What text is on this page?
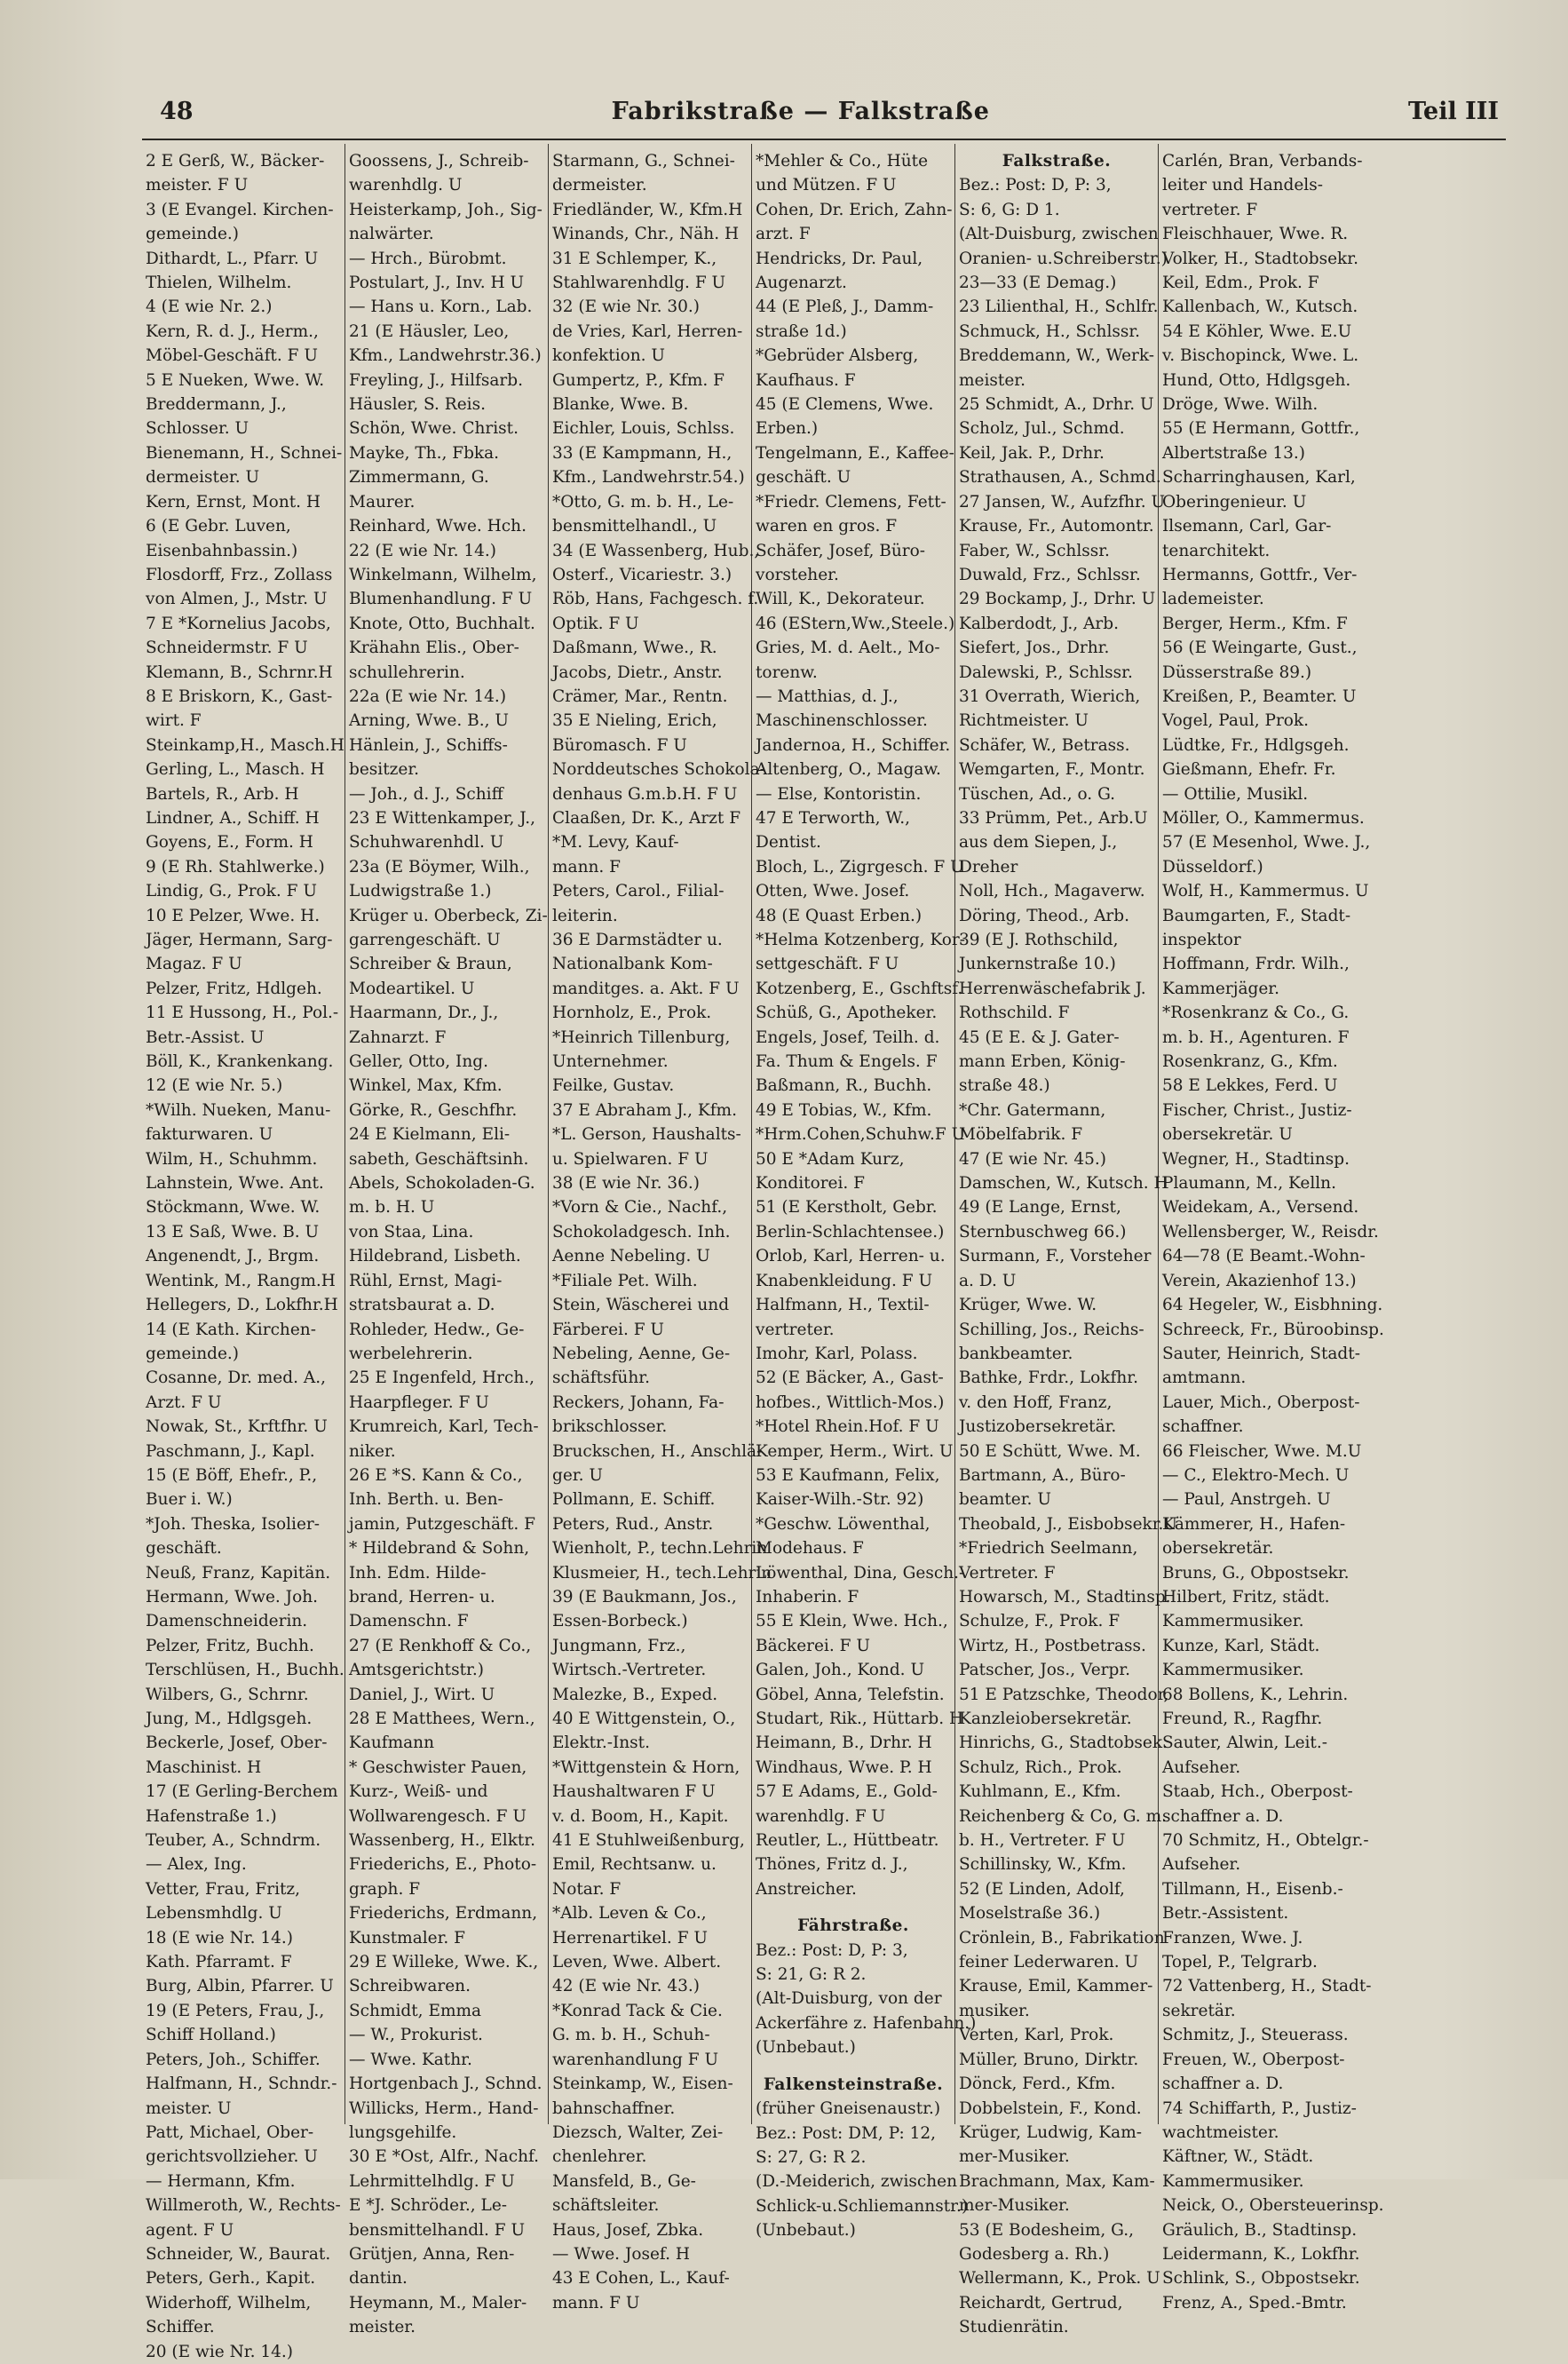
48	Fabrikstraße — Falkstraße	Teil III
2 E Gerß, W., Bäcker-
meister. F U
3 (E Evangel. Kirchen-
gemeinde.)
Dithardt, L., Pfarr. U
Thielen, Wilhelm.
4 (E wie Nr. 2.)
Kern, R. d. J., Herm.,
Möbel-Geschäft. F U
5 E Nueken, Wwe. W.
Breddermann, J.,
Schlosser. U
Bienemann, H., Schnei-
dermeister. U
Kern, Ernst, Mont. H
6 (E Gebr. Luven,
Eisenbahnbassin.)
Flosdorff, Frz., Zollass
von Almen, J., Mstr. U
7 E *Kornelius Jacobs,
Schneidermstr. F U
Klemann, B., Schrnr.H
8 E Briskorn, K., Gast-
wirt. F
Steinkamp,H., Masch.H
Gerling, L., Masch. H
Bartels, R., Arb. H
Lindner, A., Schiff. H
Goyens, E., Form. H
9 (E Rh. Stahlwerke.)
Lindig, G., Prok. F U
10 E Pelzer, Wwe. H.
Jäger, Hermann, Sarg-
Magaz. F U
Pelzer, Fritz, Hdlgeh.
11 E Hussong, H., Pol.-
Betr.-Assist. U
Böll, K., Krankenkang.
12 (E wie Nr. 5.)
*Wilh. Nueken, Manu-
fakturwaren. U
Wilm, H., Schuhmm.
Lahnstein, Wwe. Ant.
Stöckmann, Wwe. W.
13 E Saß, Wwe. B. U
Angenendt, J., Brgm.
Wentink, M., Rangm.H
Hellegers, D., Lokfhr.H
14 (E Kath. Kirchen-
gemeinde.)
Cosanne, Dr. med. A.,
Arzt. F U
Nowak, St., Krftfhr. U
Paschmann, J., Kapl.
15 (E Böff, Ehefr., P.,
Buer i. W.)
*Joh. Theska, Isolier-
geschäft.
Neuß, Franz, Kapitän.
Hermann, Wwe. Joh.
Damenschneiderin.
Pelzer, Fritz, Buchh.
Terschlüsen, H., Buchh.
Wilbers, G., Schrnr.
Jung, M., Hdlgsgeh.
Beckerle, Josef, Ober-
Maschinist. H
17 (E Gerling-Berchem
Hafenstraße 1.)
Teuber, A., Schndrm.
— Alex, Ing.
Vetter, Frau, Fritz,
Lebensmhdlg. U
18 (E wie Nr. 14.)
Kath. Pfarramt. F
Burg, Albin, Pfarrer. U
19 (E Peters, Frau, J.,
Schiff Holland.)
Peters, Joh., Schiffer.
Halfmann, H., Schndr.-
meister. U
Patt, Michael, Ober-
gerichtsvollzieher. U
— Hermann, Kfm.
Willmeroth, W., Rechts-
agent. F U
Schneider, W., Baurat.
Peters, Gerh., Kapit.
Widerhoff, Wilhelm,
Schiffer.
20 (E wie Nr. 14.)
Goossens, J., Schreib-
warenhdlg. U
Heisterkamp, Joh., Sig-
nalwärter.
— Hrch., Bürobmt.
Postulart, J., Inv. H U
— Hans u. Korn., Lab.
21 (E Häusler, Leo,
Kfm., Landwehrstr.36.)
Freyling, J., Hilfsarb.
Häusler, S. Reis.
Schön, Wwe. Christ.
Mayke, Th., Fbka.
Zimmermann, G.
Maurer.
Reinhard, Wwe. Hch.
22 (E wie Nr. 14.)
Winkelmann, Wilhelm,
Blumenhandlung. F U
Knote, Otto, Buchhalt.
Krähahn Elis., Ober-
schullehrerin.
22a (E wie Nr. 14.)
Arning, Wwe. B., U
Hänlein, J., Schiffs-
besitzer.
— Joh., d. J., Schiff
23 E Wittenkamper, J.,
Schuhwarenhdl. U
23a (E Böymer, Wilh.,
Ludwigstraße 1.)
Krüger u. Oberbeck, Zi-
garrengeschäft. U
Schreiber & Braun,
Modeartikel. U
Haarmann, Dr., J.,
Zahnarzt. F
Geller, Otto, Ing.
Winkel, Max, Kfm.
Görke, R., Geschfhr.
24 E Kielmann, Eli-
sabeth, Geschäftsinh.
Abels, Schokoladen-G.
m. b. H. U
von Staa, Lina.
Hildebrand, Lisbeth.
Rühl, Ernst, Magi-
stratsbaurat a. D.
Rohleder, Hedw., Ge-
werbelehrerin.
25 E Ingenfeld, Hrch.,
Haarpfleger. F U
Krumreich, Karl, Tech-
niker.
26 E *S. Kann & Co.,
Inh. Berth. u. Ben-
jamin, Putzgeschäft. F
* Hildebrand & Sohn,
Inh. Edm. Hilde-
brand, Herren- u.
Damenschn. F
27 (E Renkhoff & Co.,
Amtsgerichtstr.)
Daniel, J., Wirt. U
28 E Matthees, Wern.,
Kaufmann
* Geschwister Pauen,
Kurz-, Weiß- und
Wollwarengesch. F U
Wassenberg, H., Elktr.
Friederichs, E., Photo-
graph. F
Friederichs, Erdmann,
Kunstmaler. F
29 E Willeke, Wwe. K.,
Schreibwaren.
Schmidt, Emma
— W., Prokurist.
— Wwe. Kathr.
Hortgenbach J., Schnd.
Willicks, Herm., Hand-
lungsgehilfe.
30 E *Ost, Alfr., Nachf.
Lehrmittelhdlg. F U
E *J. Schröder., Le-
bensmittelhandl. F U
Grütjen, Anna, Ren-
dantin.
Heymann, M., Maler-
meister.
Starmann, G., Schnei-
dermeister.
Friedländer, W., Kfm.H
Winands, Chr., Näh. H
31 E Schlemper, K.,
Stahlwarenhdlg. F U
32 (E wie Nr. 30.)
de Vries, Karl, Herren-
konfektion. U
Gumpertz, P., Kfm. F
Blanke, Wwe. B.
Eichler, Louis, Schlss.
33 (E Kampmann, H.,
Kfm., Landwehrstr.54.)
*Otto, G. m. b. H., Le-
bensmittelhandl., U
34 (E Wassenberg, Hub.,
Osterf., Vicariestr. 3.)
Röb, Hans, Fachgesch. f.
Optik. F U
Daßmann, Wwe., R.
Jacobs, Dietr., Anstr.
Crämer, Mar., Rentn.
35 E Nieling, Erich,
Büromasch. F U
Norddeutsches Schokola-
denhaus G.m.b.H. F U
Claaßen, Dr. K., Arzt F
*M. Levy, Kauf-
mann. F
Peters, Carol., Filial-
leiterin.
36 E Darmstädter u.
Nationalbank Kom-
manditges. a. Akt. F U
Hornholz, E., Prok.
*Heinrich Tillenburg,
Unternehmer.
Feilke, Gustav.
37 E Abraham J., Kfm.
*L. Gerson, Haushalts-
u. Spielwaren. F U
38 (E wie Nr. 36.)
*Vorn & Cie., Nachf.,
Schokoladgesch. Inh.
Aenne Nebeling. U
*Filiale Pet. Wilh.
Stein, Wäscherei und
Färberei. F U
Nebeling, Aenne, Ge-
schäftsführ.
Reckers, Johann, Fa-
brikschlosser.
Bruckschen, H., Anschlä-
ger. U
Pollmann, E. Schiff.
Peters, Rud., Anstr.
Wienholt, P., techn.Lehrin
Klusmeier, H., tech.Lehrin
39 (E Baukmann, Jos.,
Essen-Borbeck.)
Jungmann, Frz.,
Wirtsch.-Vertreter.
Malezke, B., Exped.
40 E Wittgenstein, O.,
Elektr.-Inst.
*Wittgenstein & Horn,
Haushaltwaren F U
v. d. Boom, H., Kapit.
41 E Stuhlweißenburg,
Emil, Rechtsanw. u.
Notar. F
*Alb. Leven & Co.,
Herrenartikel. F U
Leven, Wwe. Albert.
42 (E wie Nr. 43.)
*Konrad Tack & Cie.
G. m. b. H., Schuh-
warenhandlung F U
Steinkamp, W., Eisen-
bahnschaffner.
Diezsch, Walter, Zei-
chenlehrer.
Mansfeld, B., Ge-
schäftsleiter.
Haus, Josef, Zbka.
— Wwe. Josef. H
43 E Cohen, L., Kauf-
mann. F U
*Mehler & Co., Hüte
und Mützen. F U
Cohen, Dr. Erich, Zahn-
arzt. F
Hendricks, Dr. Paul,
Augenarzt.
44 (E Pleß, J., Damm-
straße 1d.)
*Gebrüder Alsberg,
Kaufhaus. F
45 (E Clemens, Wwe.
Erben.)
Tengelmann, E., Kaffee-
geschäft. U
*Friedr. Clemens, Fett-
waren en gros. F
Schäfer, Josef, Büro-
vorsteher.
Will, K., Dekorateur.
46 (EStern,Ww.,Steele.)
Gries, M. d. Aelt., Mo-
torenw.
— Matthias, d. J.,
Maschinenschlosser.
Jandernoa, H., Schiffer.
Altenberg, O., Magaw.
— Else, Kontoristin.
47 E Terworth, W.,
Dentist.
Bloch, L., Zigrgesch. F U
Otten, Wwe. Josef.
48 (E Quast Erben.)
*Helma Kotzenberg, Kor-
settgeschäft. F U
Kotzenberg, E., Gschftsf.
Schüß, G., Apotheker.
Engels, Josef, Teilh. d.
Fa. Thum & Engels. F
Baßmann, R., Buchh.
49 E Tobias, W., Kfm.
*Hrm.Cohen,Schuhw.F U
50 E *Adam Kurz,
Konditorei. F
51 (E Kerstholt, Gebr.
Berlin-Schlachtensee.)
Orlob, Karl, Herren- u.
Knabenkleidung. F U
Halfmann, H., Textil-
vertreter.
Imohr, Karl, Polass.
52 (E Bäcker, A., Gast-
hofbes., Wittlich-Mos.)
*Hotel Rhein.Hof. F U
Kemper, Herm., Wirt. U
53 E Kaufmann, Felix,
Kaiser-Wilh.-Str. 92)
*Geschw. Löwenthal,
Modehaus. F
Löwenthal, Dina, Gesch.-
Inhaberin. F
55 E Klein, Wwe. Hch.,
Bäckerei. F U
Galen, Joh., Kond. U
Göbel, Anna, Telefstin.
Studart, Rik., Hüttarb. H
Heimann, B., Drhr. H
Windhaus, Wwe. P. H
57 E Adams, E., Gold-
warenhdlg. F U
Reutler, L., Hüttbeatr.
Thönes, Fritz d. J.,
Anstreicher.
Fährstraße.
Bez.: Post: D, P: 3,
S: 21, G: R 2.
(Alt-Duisburg, von der
Ackerfähre z. Hafenbahn.)
(Unbebaut.)
Falkensteinstraße.
(früher Gneisenaustr.)
Bez.: Post: DM, P: 12,
S: 27, G: R 2.
(D.-Meiderich, zwischen
Schlick-u.Schliemannstr.)
(Unbebaut.)
Falkstraße.
Bez.: Post: D, P: 3,
S: 6, G: D 1.
(Alt-Duisburg, zwischen
Oranien- u.Schreiberstr.)
23—33 (E Demag.)
23 Lilienthal, H., Schlfr.
Schmuck, H., Schlssr.
Breddemann, W., Werk-
meister.
25 Schmidt, A., Drhr. U
Scholz, Jul., Schmd.
Keil, Jak. P., Drhr.
Strathausen, A., Schmd.
27 Jansen, W., Aufzfhr. U
Krause, Fr., Automontr.
Faber, W., Schlssr.
Duwald, Frz., Schlssr.
29 Bockamp, J., Drhr. U
Kalberdodt, J., Arb.
Siefert, Jos., Drhr.
Dalewski, P., Schlssr.
31 Overrath, Wierich,
Richtmeister. U
Schäfer, W., Betrass.
Wemgarten, F., Montr.
Tüschen, Ad., o. G.
33 Prümm, Pet., Arb.U
aus dem Siepen, J.,
Dreher
Noll, Hch., Magaverw.
Döring, Theod., Arb.
39 (E J. Rothschild,
Junkernstraße 10.)
Herrenwäschefabrik J.
Rothschild. F
45 (E E. & J. Gater-
mann Erben, König-
straße 48.)
*Chr. Gatermann,
Möbelfabrik. F
47 (E wie Nr. 45.)
Damschen, W., Kutsch. H
49 (E Lange, Ernst,
Sternbuschweg 66.)
Surmann, F., Vorsteher
a. D. U
Krüger, Wwe. W.
Schilling, Jos., Reichs-
bankbeamter.
Bathke, Frdr., Lokfhr.
v. den Hoff, Franz,
Justizobersekretär.
50 E Schütt, Wwe. M.
Bartmann, A., Büro-
beamter. U
Theobald, J., Eisbobsekr.U
*Friedrich Seelmann,
Vertreter. F
Howarsch, M., Stadtinsp.
Schulze, F., Prok. F
Wirtz, H., Postbetrass.
Patscher, Jos., Verpr.
51 E Patzschke, Theodor,
Kanzleiobersekretär.
Hinrichs, G., Stadtobsek.
Schulz, Rich., Prok.
Kuhlmann, E., Kfm.
Reichenberg & Co, G. m.
b. H., Vertreter. F U
Schillinsky, W., Kfm.
52 (E Linden, Adolf,
Moselstraße 36.)
Crönlein, B., Fabrikation
feiner Lederwaren. U
Krause, Emil, Kammer-
musiker.
Verten, Karl, Prok.
Müller, Bruno, Dirktr.
Dönck, Ferd., Kfm.
Dobbelstein, F., Kond.
Krüger, Ludwig, Kam-
mer-Musiker.
Brachmann, Max, Kam-
mer-Musiker.
53 (E Bodesheim, G.,
Godesberg a. Rh.)
Wellermann, K., Prok. U
Reichardt, Gertrud,
Studienrätin.
Carlén, Bran, Verbands-
leiter und Handels-
vertreter. F
Fleischhauer, Wwe. R.
Volker, H., Stadtobsekr.
Keil, Edm., Prok. F
Kallenbach, W., Kutsch.
54 E Köhler, Wwe. E.U
v. Bischopinck, Wwe. L.
Hund, Otto, Hdlgsgeh.
Dröge, Wwe. Wilh.
55 (E Hermann, Gottfr.,
Albertstraße 13.)
Scharringhausen, Karl,
Oberingenieur. U
Ilsemann, Carl, Gar-
tenarchitekt.
Hermanns, Gottfr., Ver-
lademeister.
Berger, Herm., Kfm. F
56 (E Weingarte, Gust.,
Düsserstraße 89.)
Kreißen, P., Beamter. U
Vogel, Paul, Prok.
Lüdtke, Fr., Hdlgsgeh.
Gießmann, Ehefr. Fr.
— Ottilie, Musikl.
Möller, O., Kammermus.
57 (E Mesenhol, Wwe. J.,
Düsseldorf.)
Wolf, H., Kammermus. U
Baumgarten, F., Stadt-
inspektor
Hoffmann, Frdr. Wilh.,
Kammerjäger.
*Rosenkranz & Co., G.
m. b. H., Agenturen. F
Rosenkranz, G., Kfm.
58 E Lekkes, Ferd. U
Fischer, Christ., Justiz-
obersekretär. U
Wegner, H., Stadtinsp.
Plaumann, M., Kelln.
Weidekam, A., Versend.
Wellensberger, W., Reisdr.
64—78 (E Beamt.-Wohn-
Verein, Akazienhof 13.)
64 Hegeler, W., Eisbhning.
Schreeck, Fr., Büroobinsp.
Sauter, Heinrich, Stadt-
amtmann.
Lauer, Mich., Oberpost-
schaffner.
66 Fleischer, Wwe. M.U
— C., Elektro-Mech. U
— Paul, Anstrgeh. U
Kämmerer, H., Hafen-
obersekretär.
Bruns, G., Obpostsekr.
Hilbert, Fritz, städt.
Kammermusiker.
Kunze, Karl, Städt.
Kammermusiker.
68 Bollens, K., Lehrin.
Freund, R., Ragfhr.
Sauter, Alwin, Leit.-
Aufseher.
Staab, Hch., Oberpost-
schaffner a. D.
70 Schmitz, H., Obtelgr.-
Aufseher.
Tillmann, H., Eisenb.-
Betr.-Assistent.
Franzen, Wwe. J.
Topel, P., Telgrarb.
72 Vattenberg, H., Stadt-
sekretär.
Schmitz, J., Steuerass.
Freuen, W., Oberpost-
schaffner a. D.
74 Schiffarth, P., Justiz-
wachtmeister.
Käftner, W., Städt.
Kammermusiker.
Neick, O., Obersteuerinsp.
Gräulich, B., Stadtinsp.
Leidermann, K., Lokfhr.
Schlink, S., Obpostsekr.
Frenz, A., Sped.-Bmtr.
